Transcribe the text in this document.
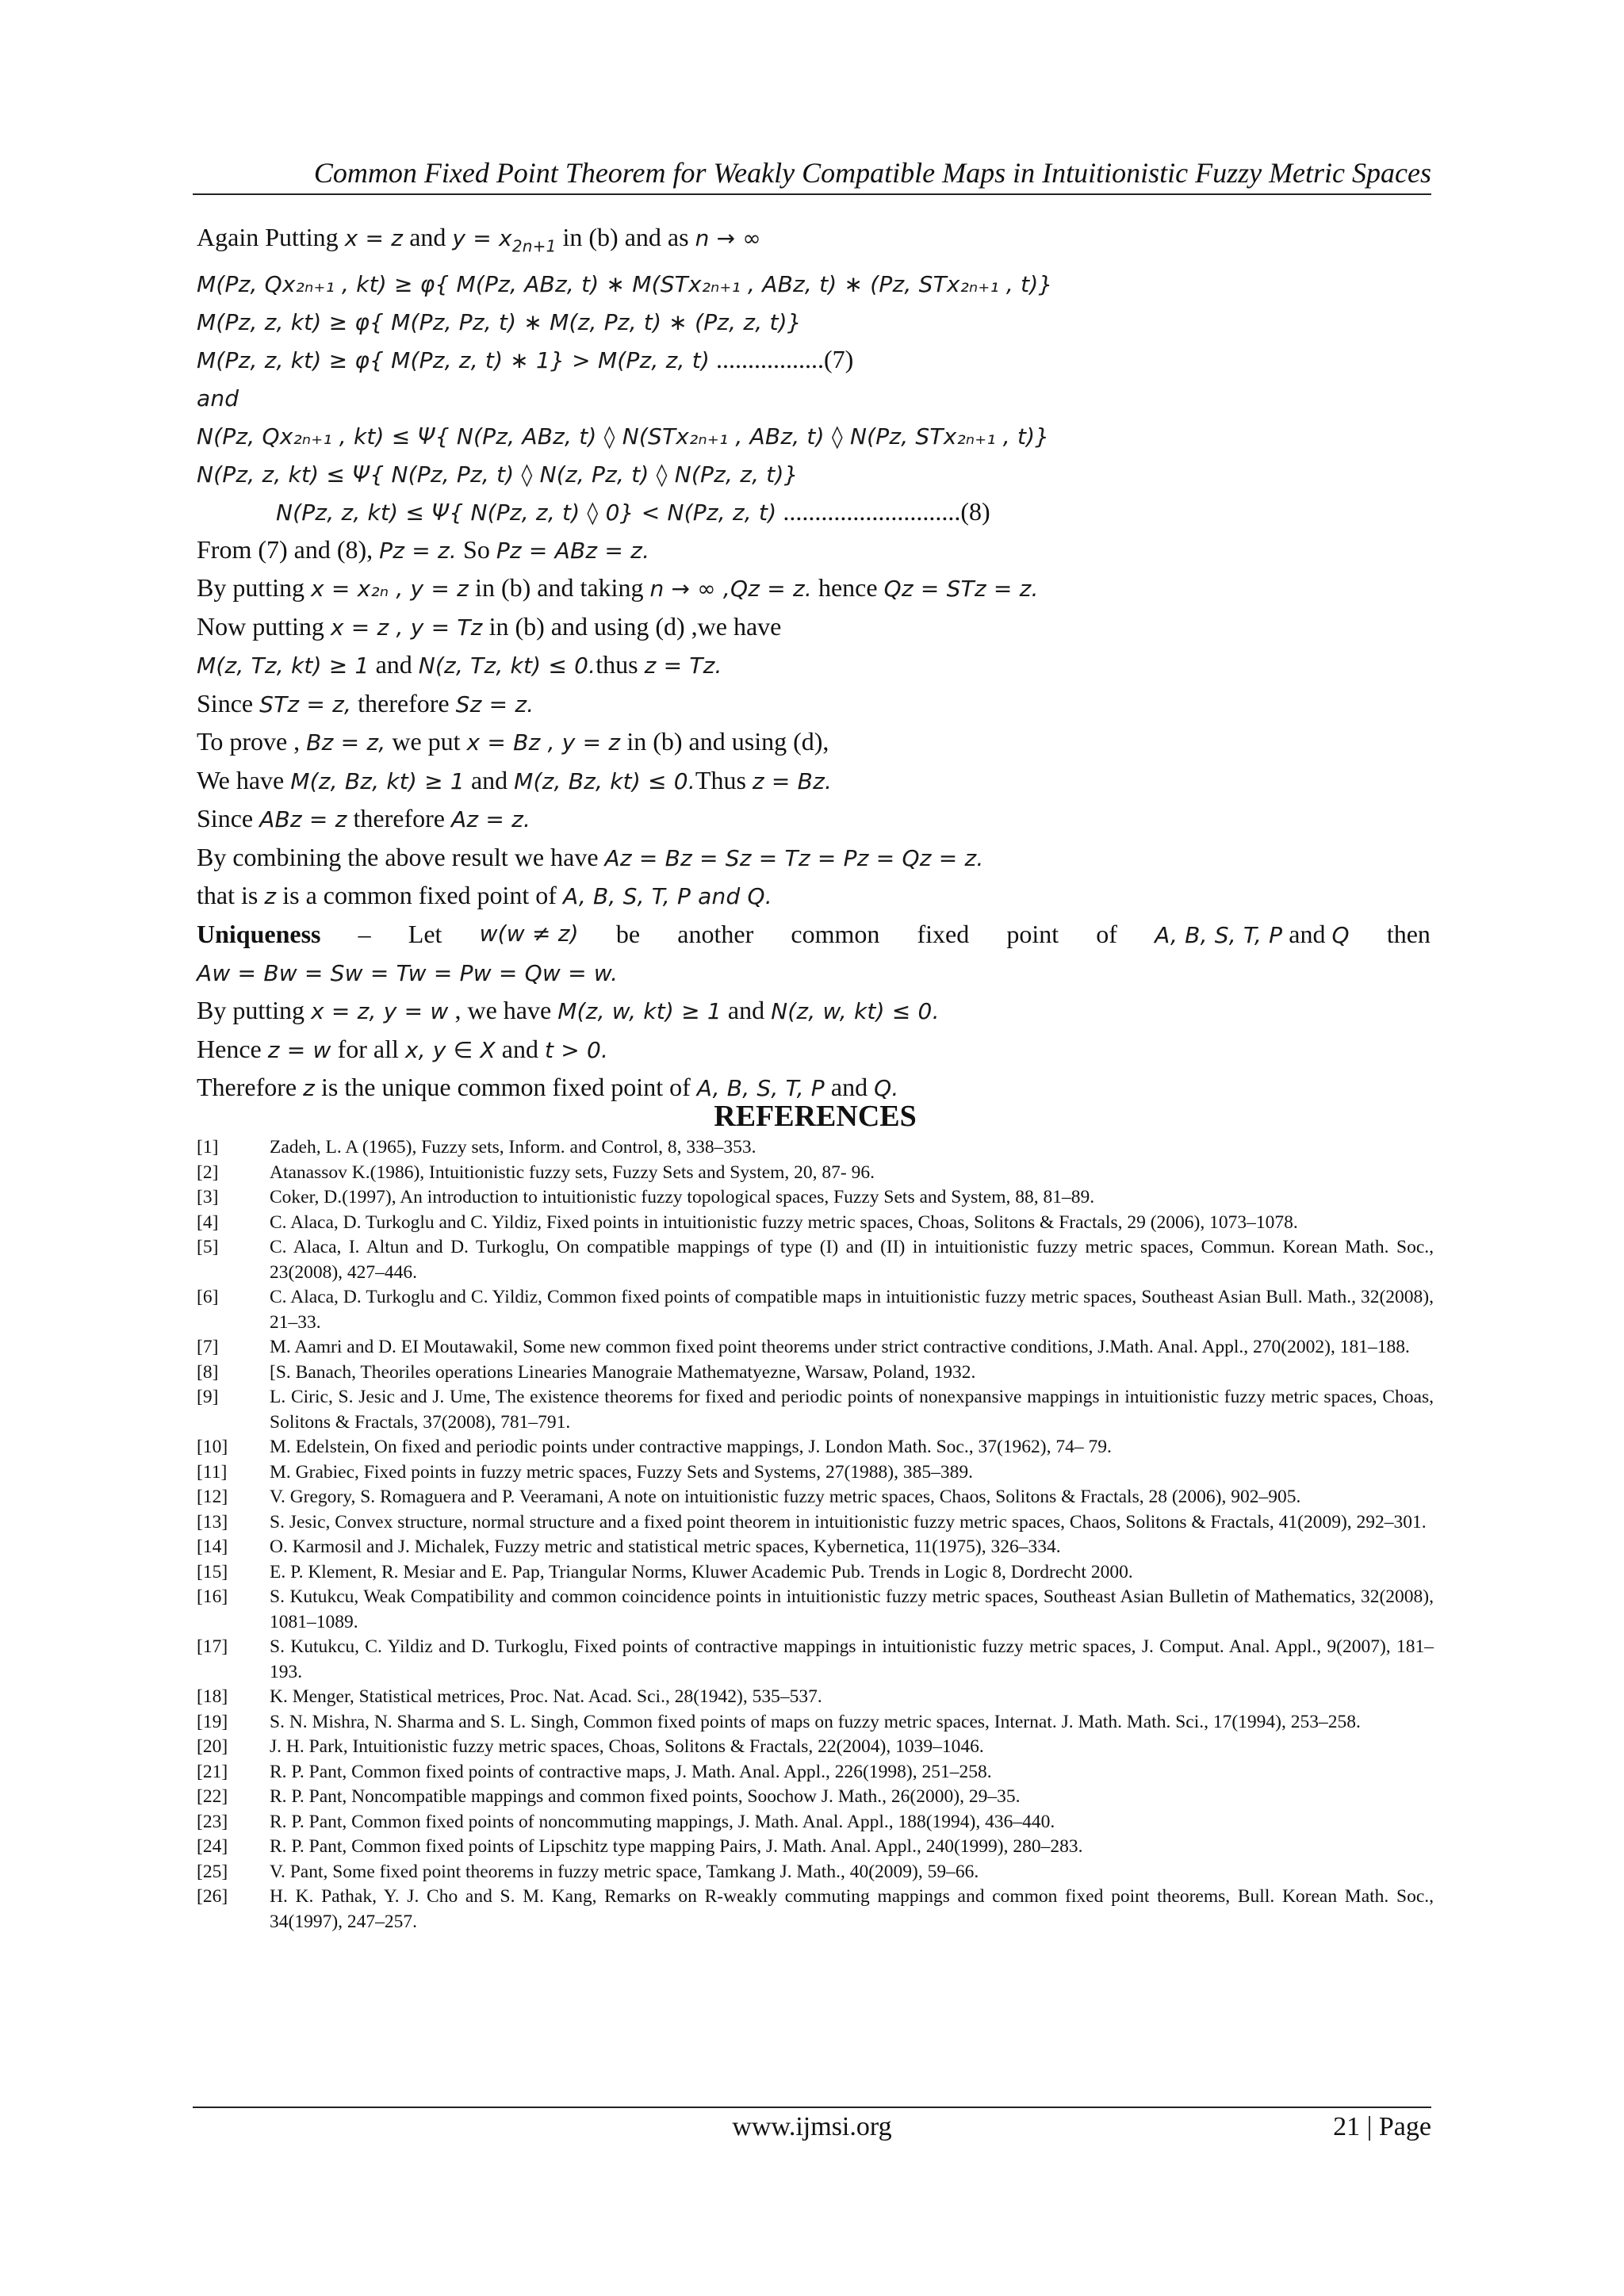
Common Fixed Point Theorem for Weakly Compatible Maps in Intuitionistic Fuzzy Metric Spaces
Again Putting x = z and $y = x_{2n+1}$ in (b) and as n → ∞
M(Pz, Qx₂ₙ₊₁ , kt) ≥ φ{ M(Pz, ABz, t) ∗ M(STx₂ₙ₊₁ , ABz, t) ∗ (Pz, STx₂ₙ₊₁ , t)}
M(Pz, z, kt) ≥ φ{ M(Pz, Pz, t) ∗ M(z, Pz, t) ∗ (Pz, z, t)}
M(Pz, z, kt) ≥ φ{ M(Pz, z, t) ∗ 1} > M(Pz, z, t) .................(7)
and
N(Pz, Qx₂ₙ₊₁ , kt) ≤ Ψ{ N(Pz, ABz, t) ◊ N(STx₂ₙ₊₁ , ABz, t) ◊ N(Pz, STx₂ₙ₊₁ , t)}
N(Pz, z, kt) ≤ Ψ{ N(Pz, Pz, t) ◊ N(z, Pz, t) ◊ N(Pz, z, t)}
N(Pz, z, kt) ≤ Ψ{ N(Pz, z, t) ◊ 0} < N(Pz, z, t) ............................(8)
From (7) and (8), Pz = z. So Pz = ABz = z.
By putting x = x₂ₙ , y = z in (b) and taking n → ∞ ,Qz = z. hence Qz = STz = z.
Now putting x = z , y = Tz in (b) and using (d) ,we have
M(z, Tz, kt) ≥ 1 and N(z, Tz, kt) ≤ 0.thus z = Tz.
Since STz = z, therefore Sz = z.
To prove , Bz = z, we put x = Bz , y = z in (b) and using (d),
We have M(z, Bz, kt) ≥ 1 and M(z, Bz, kt) ≤ 0.Thus z = Bz.
Since ABz = z therefore Az = z.
By combining the above result we have Az = Bz = Sz = Tz = Pz = Qz = z.
that is z is a common fixed point of A, B, S, T, P and Q.
Uniqueness – Let w(w ≠ z) be another common fixed point of A, B, S, T, P and Q then
Aw = Bw = Sw = Tw = Pw = Qw = w.
By putting x = z, y = w , we have M(z, w, kt) ≥ 1 and N(z, w, kt) ≤ 0.
Hence z = w for all x, y ∈ X and t > 0.
Therefore z is the unique common fixed point of A, B, S, T, P and Q.
REFERENCES
[1]	Zadeh, L. A (1965), Fuzzy sets, Inform. and Control, 8, 338–353.
[2]	Atanassov K.(1986), Intuitionistic fuzzy sets, Fuzzy Sets and System, 20, 87- 96.
[3]	Coker, D.(1997), An introduction to intuitionistic fuzzy topological spaces, Fuzzy Sets and System, 88, 81–89.
[4]	C. Alaca, D. Turkoglu and C. Yildiz, Fixed points in intuitionistic fuzzy metric spaces, Choas, Solitons & Fractals, 29 (2006), 1073–1078.
[5]	C. Alaca, I. Altun and D. Turkoglu, On compatible mappings of type (I) and (II) in intuitionistic fuzzy metric spaces, Commun. Korean Math. Soc., 23(2008), 427–446.
[6]	C. Alaca, D. Turkoglu and C. Yildiz, Common fixed points of compatible maps in intuitionistic fuzzy metric spaces, Southeast Asian Bull. Math., 32(2008), 21–33.
[7]	M. Aamri and D. EI Moutawakil, Some new common fixed point theorems under strict contractive conditions, J.Math. Anal. Appl., 270(2002), 181–188.
[8]	[S. Banach, Theoriles operations Linearies Manograie Mathematyezne, Warsaw, Poland, 1932.
[9]	L. Ciric, S. Jesic and J. Ume, The existence theorems for fixed and periodic points of nonexpansive mappings in intuitionistic fuzzy metric spaces, Choas, Solitons & Fractals, 37(2008), 781–791.
[10]	M. Edelstein, On fixed and periodic points under contractive mappings, J. London Math. Soc., 37(1962), 74– 79.
[11]	M. Grabiec, Fixed points in fuzzy metric spaces, Fuzzy Sets and Systems, 27(1988), 385–389.
[12]	V. Gregory, S. Romaguera and P. Veeramani, A note on intuitionistic fuzzy metric spaces, Chaos, Solitons & Fractals, 28 (2006), 902–905.
[13]	S. Jesic, Convex structure, normal structure and a fixed point theorem in intuitionistic fuzzy metric spaces, Chaos, Solitons & Fractals, 41(2009), 292–301.
[14]	O. Karmosil and J. Michalek, Fuzzy metric and statistical metric spaces, Kybernetica, 11(1975), 326–334.
[15]	E. P. Klement, R. Mesiar and E. Pap, Triangular Norms, Kluwer Academic Pub. Trends in Logic 8, Dordrecht 2000.
[16]	S. Kutukcu, Weak Compatibility and common coincidence points in intuitionistic fuzzy metric spaces, Southeast Asian Bulletin of Mathematics, 32(2008), 1081–1089.
[17]	S. Kutukcu, C. Yildiz and D. Turkoglu, Fixed points of contractive mappings in intuitionistic fuzzy metric spaces, J. Comput. Anal. Appl., 9(2007), 181–193.
[18]	K. Menger, Statistical metrices, Proc. Nat. Acad. Sci., 28(1942), 535–537.
[19]	S. N. Mishra, N. Sharma and S. L. Singh, Common fixed points of maps on fuzzy metric spaces, Internat. J. Math. Math. Sci., 17(1994), 253–258.
[20]	J. H. Park, Intuitionistic fuzzy metric spaces, Choas, Solitons & Fractals, 22(2004), 1039–1046.
[21]	R. P. Pant, Common fixed points of contractive maps, J. Math. Anal. Appl., 226(1998), 251–258.
[22]	R. P. Pant, Noncompatible mappings and common fixed points, Soochow J. Math., 26(2000), 29–35.
[23]	R. P. Pant, Common fixed points of noncommuting mappings, J. Math. Anal. Appl., 188(1994), 436–440.
[24]	R. P. Pant, Common fixed points of Lipschitz type mapping Pairs, J. Math. Anal. Appl., 240(1999), 280–283.
[25]	V. Pant, Some fixed point theorems in fuzzy metric space, Tamkang J. Math., 40(2009), 59–66.
[26]	H. K. Pathak, Y. J. Cho and S. M. Kang, Remarks on R-weakly commuting mappings and common fixed point theorems, Bull. Korean Math. Soc., 34(1997), 247–257.
www.ijmsi.org	21 | Page
